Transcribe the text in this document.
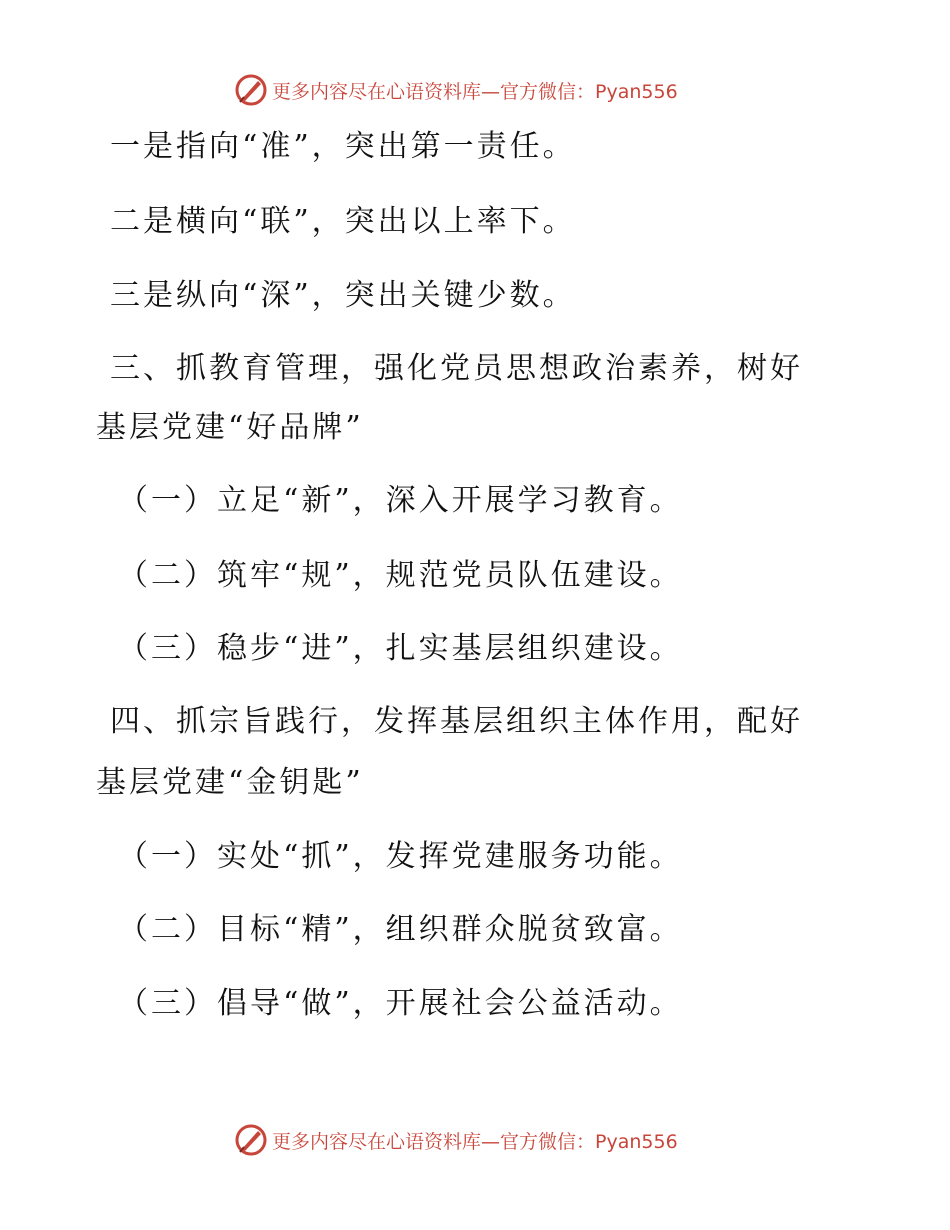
更多内容尽在心语资料库—官方微信：Pyan556
一是指向“准”，突出第一责任。
二是横向“联”，突出以上率下。
三是纵向“深”，突出关键少数。
三、抓教育管理，强化党员思想政治素养，树好
基层党建“好品牌”
（一）立足“新”，深入开展学习教育。
（二）筑牢“规”，规范党员队伍建设。
（三）稳步“进”，扎实基层组织建设。
四、抓宗旨践行，发挥基层组织主体作用，配好
基层党建“金钥匙”
（一）实处“抓”，发挥党建服务功能。
（二）目标“精”，组织群众脱贫致富。
（三）倡导“做”，开展社会公益活动。
更多内容尽在心语资料库—官方微信：Pyan556
